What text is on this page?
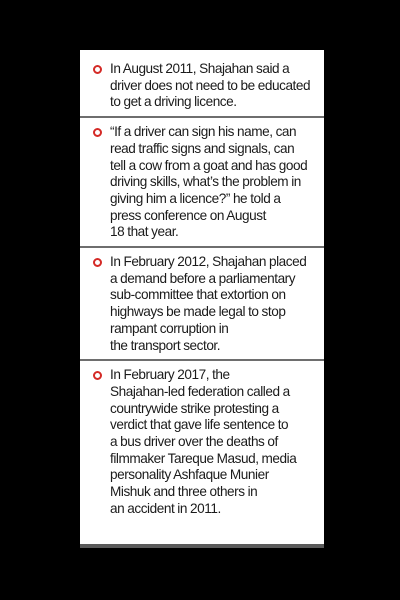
In August 2011, Shajahan said a
driver does not need to be educated
to get a driving licence.
“If a driver can sign his name, can
read traffic signs and signals, can
tell a cow from a goat and has good
driving skills, what’s the problem in
giving him a licence?” he told a
press conference on August
18 that year.
In February 2012, Shajahan placed
a demand before a parliamentary
sub-committee that extortion on
highways be made legal to stop
rampant corruption in
the transport sector.
In February 2017, the
Shajahan-led federation called a
countrywide strike protesting a
verdict that gave life sentence to
a bus driver over the deaths of
filmmaker Tareque Masud, media
personality Ashfaque Munier
Mishuk and three others in
an accident in 2011.
